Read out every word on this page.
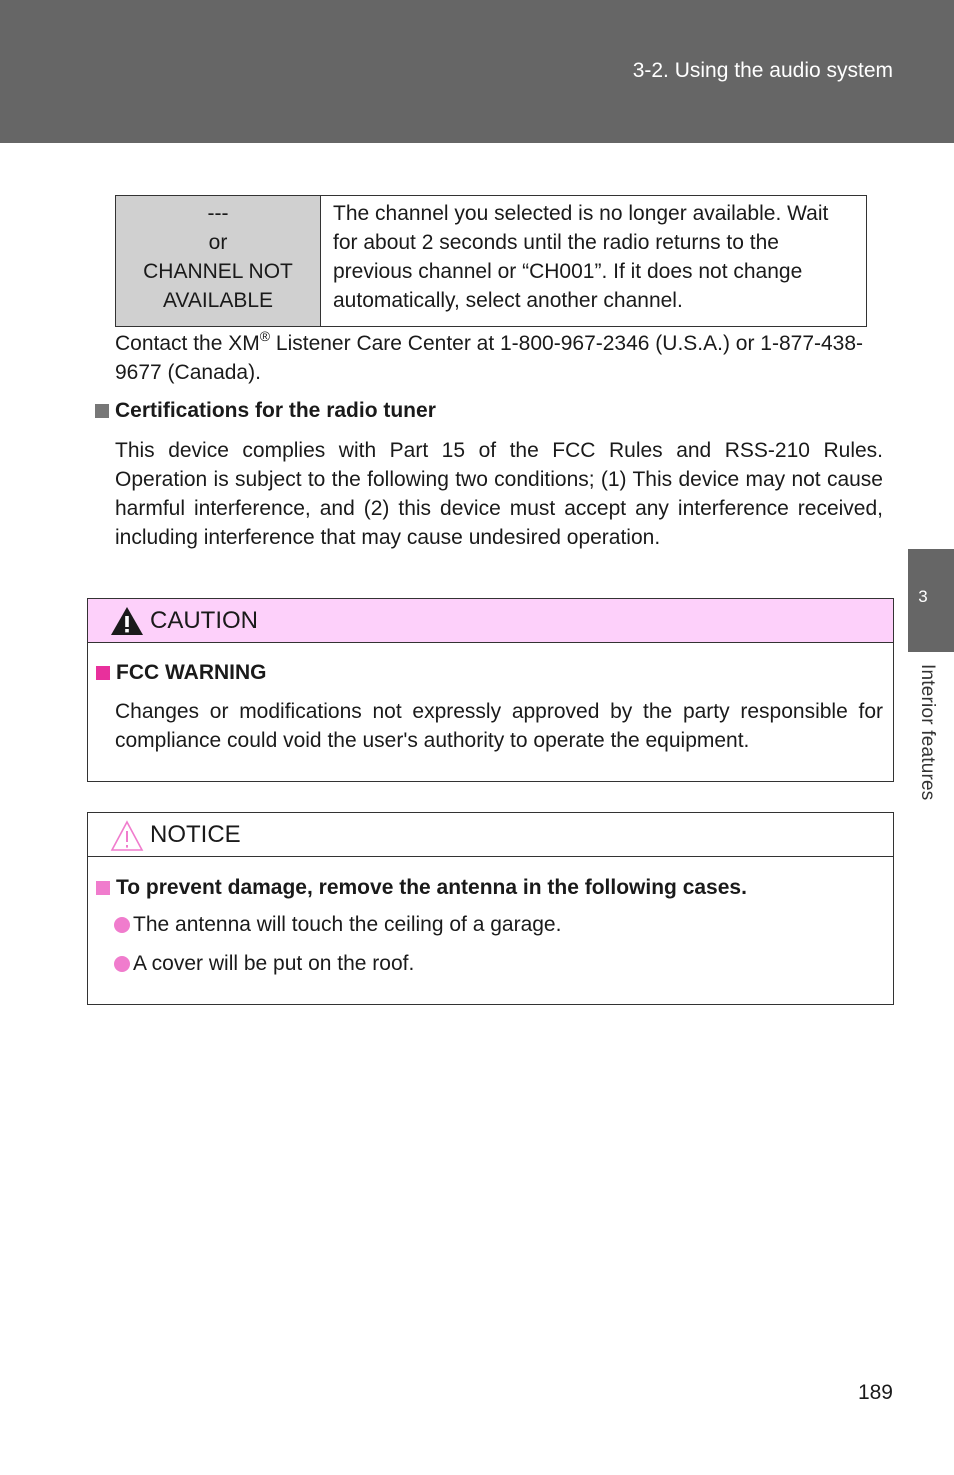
3-2. Using the audio system
3
Interior features
---
or
CHANNEL NOT
AVAILABLE
	The channel you selected is no longer available. Wait for about 2 seconds until the radio returns to the previous channel or “CH001”. If it does not change automatically, select another channel.
Contact the XM® Listener Care Center at 1-800-967-2346 (U.S.A.) or 1-877-438-9677 (Canada).
Certifications for the radio tuner
This device complies with Part 15 of the FCC Rules and RSS-210 Rules. Operation is subject to the following two conditions; (1) This device may not cause harmful interference, and (2) this device must accept any interference received, including interference that may cause undesired operation.
CAUTION
FCC WARNING
Changes or modifications not expressly approved by the party responsible for compliance could void the user's authority to operate the equipment.
NOTICE
To prevent damage, remove the antenna in the following cases.
The antenna will touch the ceiling of a garage.
A cover will be put on the roof.
189
